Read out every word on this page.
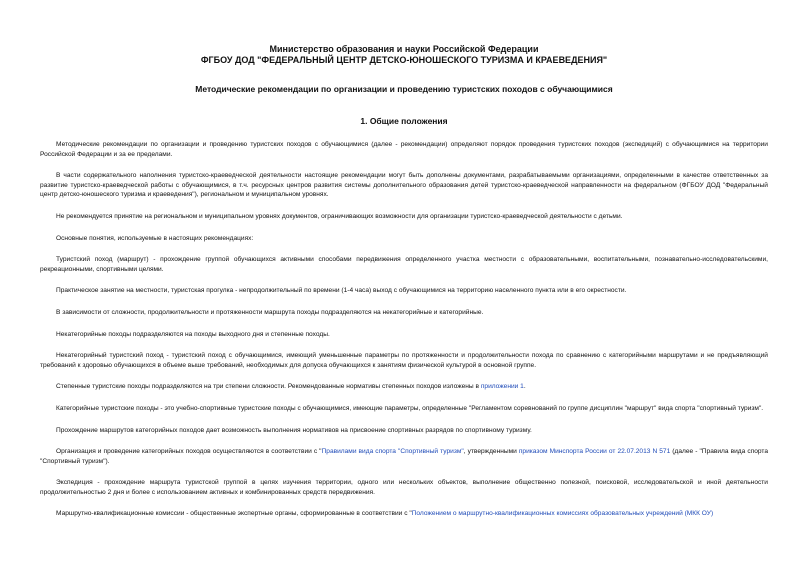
Министерство образования и науки Российской Федерации
ФГБОУ ДОД "ФЕДЕРАЛЬНЫЙ ЦЕНТР ДЕТСКО-ЮНОШЕСКОГО ТУРИЗМА И КРАЕВЕДЕНИЯ"
Методические рекомендации по организации и проведению туристских походов с обучающимися
1. Общие положения

Методические рекомендации по организации и проведению туристских походов с обучающимися (далее - рекомендации) определяют порядок проведения туристских походов (экспедиций) с обучающимися на территории Российской Федерации и за ее пределами.

В части содержательного наполнения туристско-краеведческой деятельности настоящие рекомендации могут быть дополнены документами, разрабатываемыми организациями, определенными в качестве ответственных за развитие туристско-краеведческой работы с обучающимися, в т.ч. ресурсных центров развития системы дополнительного образования детей туристско-краеведческой направленности на федеральном (ФГБОУ ДОД "Федеральный центр детско-юношеского туризма и краеведения"), региональном и муниципальном уровнях.

Не рекомендуется принятие на региональном и муниципальном уровнях документов, ограничивающих возможности для организации туристско-краеведческой деятельности с детьми.

Основные понятия, используемые в настоящих рекомендациях:

Туристский поход (маршрут) - прохождение группой обучающихся активными способами передвижения определенного участка местности с образовательными, воспитательными, познавательно-исследовательскими, рекреационными, спортивными целями.

Практическое занятие на местности, туристская прогулка - непродолжительный по времени (1-4 часа) выход с обучающимися на территорию населенного пункта или в его окрестности.

В зависимости от сложности, продолжительности и протяженности маршрута походы подразделяются на некатегорийные и категорийные.

Некатегорийные походы подразделяются на походы выходного дня и степенные походы.

Некатегорийный туристский поход - туристский поход с обучающимися, имеющий уменьшенные параметры по протяженности и продолжительности похода по сравнению с категорийными маршрутами и не предъявляющий требований к здоровью обучающихся в объеме выше требований, необходимых для допуска обучающихся к занятиям физической культурой в основной группе.

Степенные туристские походы подразделяются на три степени сложности. Рекомендованные нормативы степенных походов изложены в приложении 1.

Категорийные туристские походы - это учебно-спортивные туристские походы с обучающимися, имеющие параметры, определенные "Регламентом соревнований по группе дисциплин "маршрут" вида спорта "спортивный туризм".

Прохождение маршрутов категорийных походов дает возможность выполнения нормативов на присвоение спортивных разрядов по спортивному туризму.

Организация и проведение категорийных походов осуществляются в соответствии с "Правилами вида спорта "Спортивный туризм", утвержденными приказом Минспорта России от 22.07.2013 N 571 (далее - "Правила вида спорта "Спортивный туризм").

Экспедиция - прохождение маршрута туристской группой в целях изучения территории, одного или нескольких объектов, выполнение общественно полезной, поисковой, исследовательской и иной деятельности продолжительностью 2 дня и более с использованием активных и комбинированных средств передвижения.

Маршрутно-квалификационные комиссии - общественные экспертные органы, сформированные в соответствии с "Положением о маршрутно-квалификационных комиссиях образовательных учреждений (МКК ОУ)
